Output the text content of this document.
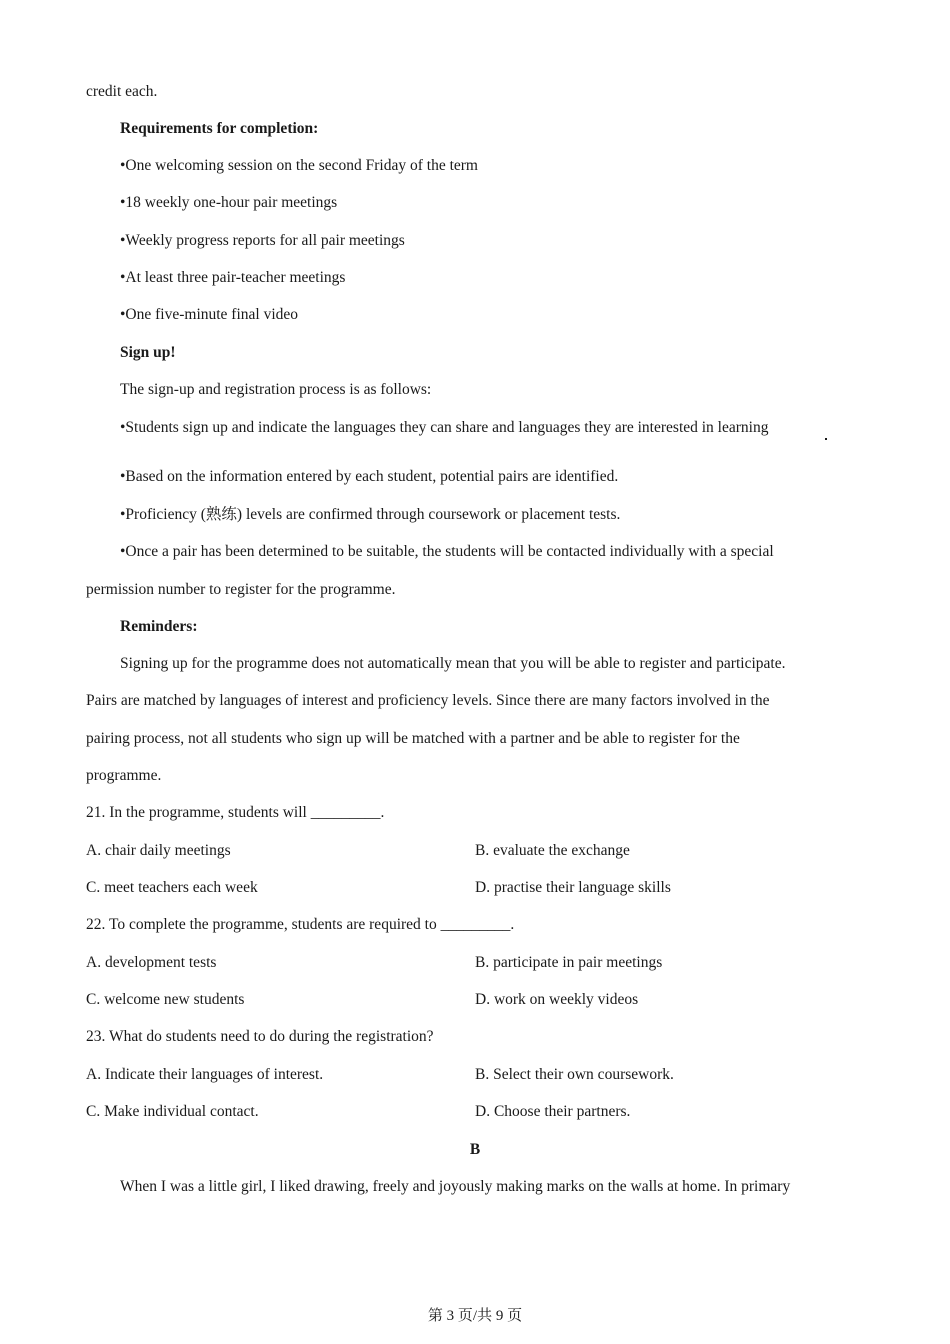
credit each.
Requirements for completion:
•One welcoming session on the second Friday of the term
•18 weekly one-hour pair meetings
•Weekly progress reports for all pair meetings
•At least three pair-teacher meetings
•One five-minute final video
Sign up!
The sign-up and registration process is as follows:
•Students sign up and indicate the languages they can share and languages they are interested in learning
•Based on the information entered by each student, potential pairs are identified.
•Proficiency (熟练) levels are confirmed through coursework or placement tests.
•Once a pair has been determined to be suitable, the students will be contacted individually with a special
permission number to register for the programme.
Reminders:
Signing up for the programme does not automatically mean that you will be able to register and participate.
Pairs are matched by languages of interest and proficiency levels. Since there are many factors involved in the
pairing process, not all students who sign up will be matched with a partner and be able to register for the
programme.
21. In the programme, students will _________.
A. chair daily meetings	B. evaluate the exchange
C. meet teachers each week	D. practise their language skills
22. To complete the programme, students are required to _________.
A. development tests	B. participate in pair meetings
C. welcome new students	D. work on weekly videos
23. What do students need to do during the registration?
A. Indicate their languages of interest.	B. Select their own coursework.
C. Make individual contact.	D. Choose their partners.
B
When I was a little girl, I liked drawing, freely and joyously making marks on the walls at home. In primary
第 3 页/共 9 页
